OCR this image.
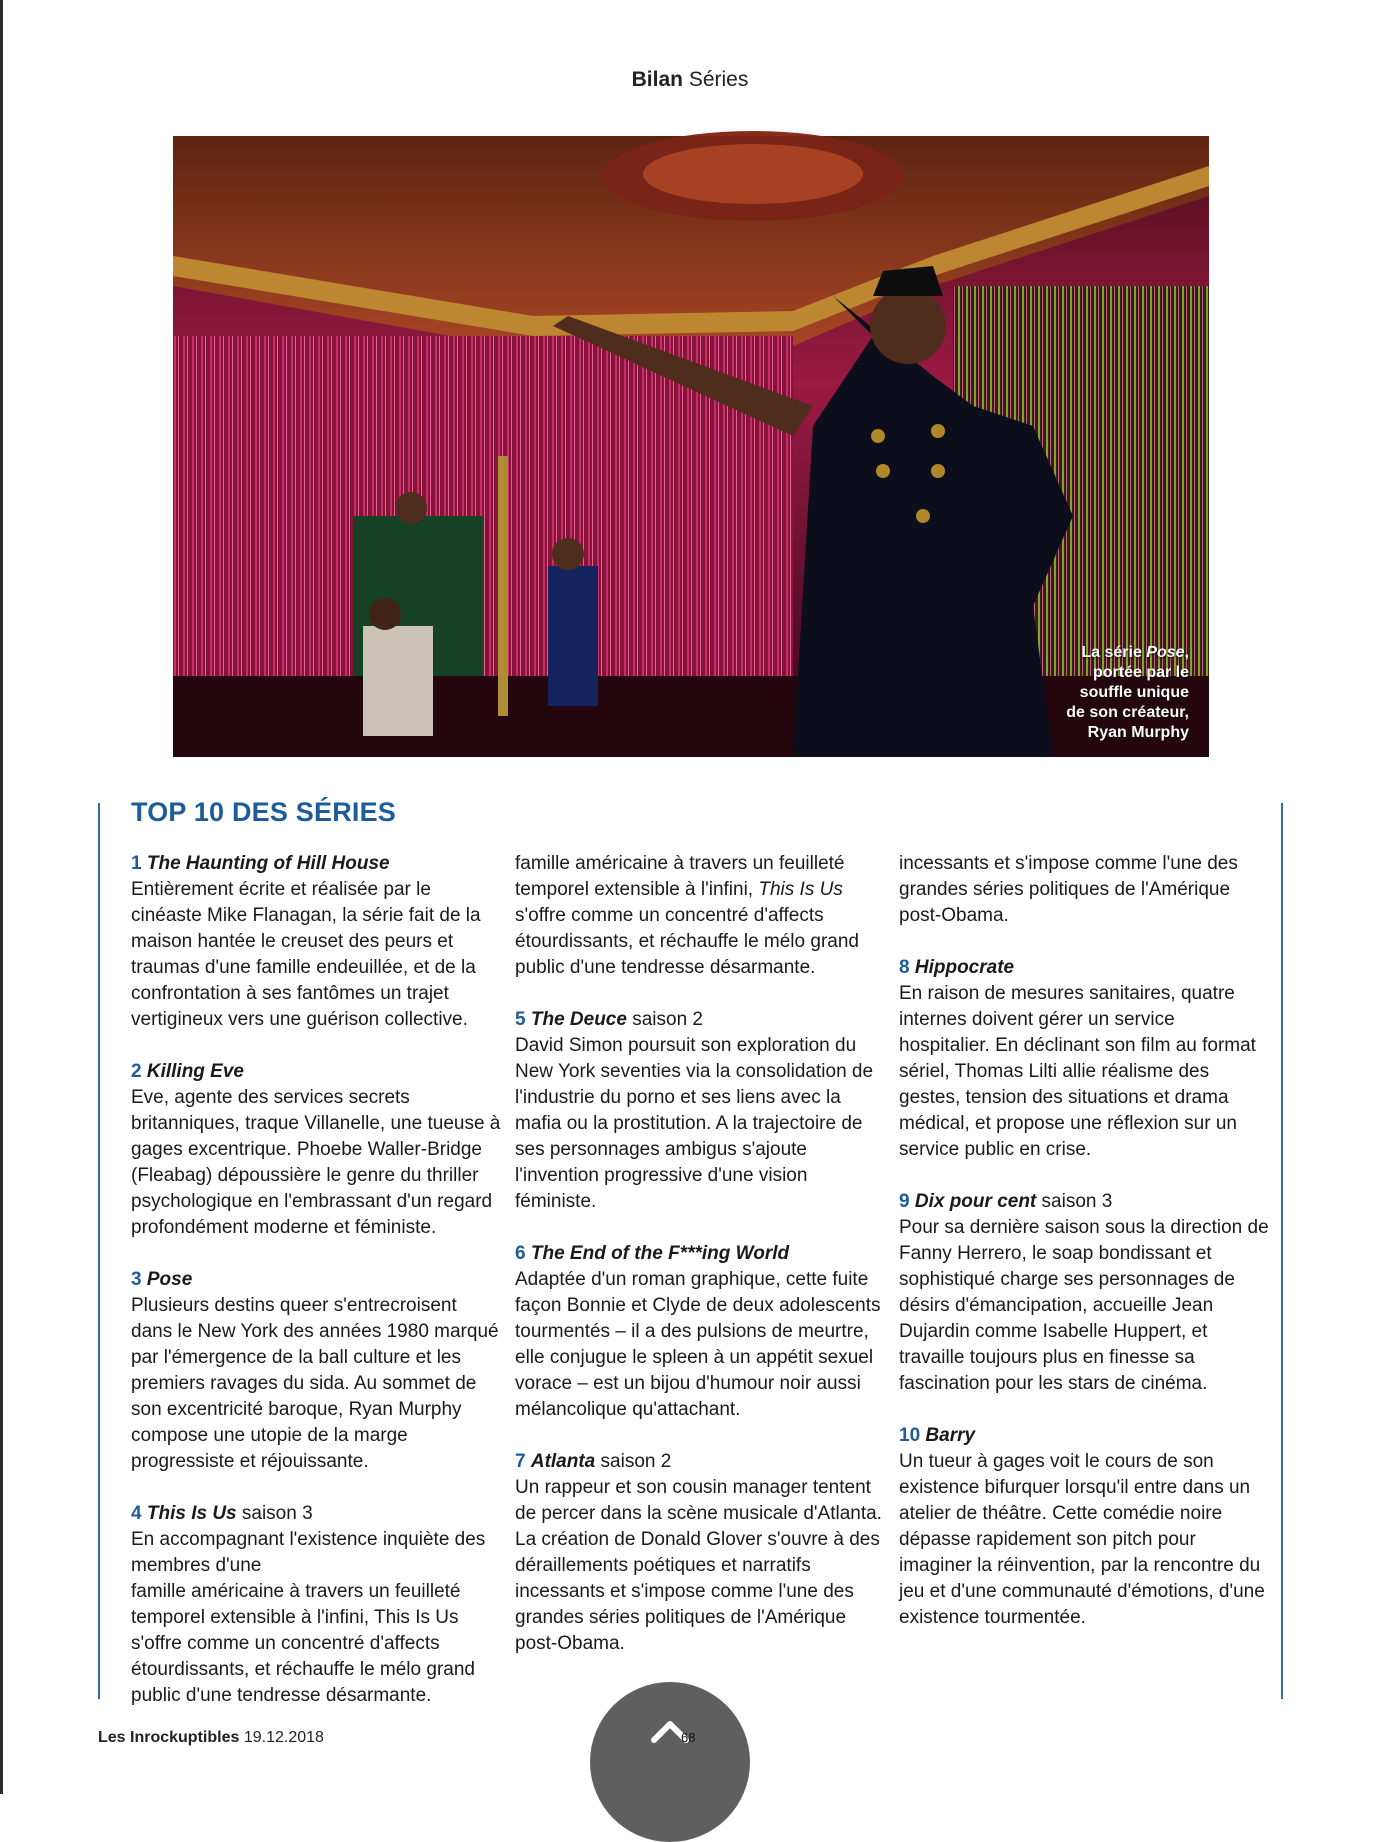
Bilan Séries
La série Pose,
portée par le
souffle unique
de son créateur,
Ryan Murphy
TOP 10 DES SÉRIES
1 The Haunting of Hill House

Entièrement écrite et réalisée par le cinéaste Mike Flanagan, la série fait de la maison hantée le creuset des peurs et traumas d'une famille endeuillée, et de la confrontation à ses fantômes un trajet vertigineux vers une guérison collective.

2 Killing Eve

Eve, agente des services secrets britanniques, traque Villanelle, une tueuse à gages excentrique. Phoebe Waller-Bridge (Fleabag) dépoussière le genre du thriller psychologique en l'embrassant d'un regard profondément moderne et féministe.

3 Pose

Plusieurs destins queer s'entrecroisent dans le New York des années 1980 marqué par l'émergence de la ball culture et les premiers ravages du sida. Au sommet de son excentricité baroque, Ryan Murphy compose une utopie de la marge progressiste et réjouissante.

4 This Is Us saison 3

En accompagnant l'existence inquiète des membres d'une
famille américaine à travers un feuilleté temporel extensible à l'infini, This Is Us s'offre comme un concentré d'affects étourdissants, et réchauffe le mélo grand public d'une tendresse désarmante.

famille américaine à travers un feuilleté temporel extensible à l'infini, This Is Us s'offre comme un concentré d'affects étourdissants, et réchauffe le mélo grand public d'une tendresse désarmante.

5 The Deuce saison 2

David Simon poursuit son exploration du New York seventies via la consolidation de l'industrie du porno et ses liens avec la mafia ou la prostitution. A la trajectoire de ses personnages ambigus s'ajoute l'invention progressive d'une vision féministe.

6 The End of the F***ing World

Adaptée d'un roman graphique, cette fuite façon Bonnie et Clyde de deux adolescents tourmentés – il a des pulsions de meurtre, elle conjugue le spleen à un appétit sexuel vorace – est un bijou d'humour noir aussi mélancolique qu'attachant.

7 Atlanta saison 2

Un rappeur et son cousin manager tentent de percer dans la scène musicale d'Atlanta. La création de Donald Glover s'ouvre à des déraillements poétiques et narratifs
incessants et s'impose comme l'une des grandes séries politiques de l'Amérique post-Obama.

incessants et s'impose comme l'une des grandes séries politiques de l'Amérique post-Obama.

8 Hippocrate

En raison de mesures sanitaires, quatre internes doivent gérer un service hospitalier. En déclinant son film au format sériel, Thomas Lilti allie réalisme des gestes, tension des situations et drama médical, et propose une réflexion sur un service public en crise.

9 Dix pour cent saison 3

Pour sa dernière saison sous la direction de Fanny Herrero, le soap bondissant et sophistiqué charge ses personnages de désirs d'émancipation, accueille Jean Dujardin comme Isabelle Huppert, et travaille toujours plus en finesse sa fascination pour les stars de cinéma.

10 Barry

Un tueur à gages voit le cours de son existence bifurquer lorsqu'il entre dans un atelier de théâtre. Cette comédie noire dépasse rapidement son pitch pour imaginer la réinvention, par la rencontre du jeu et d'une communauté d'émotions, d'une existence tourmentée.

Les Inrockuptibles 19.12.2018	68
